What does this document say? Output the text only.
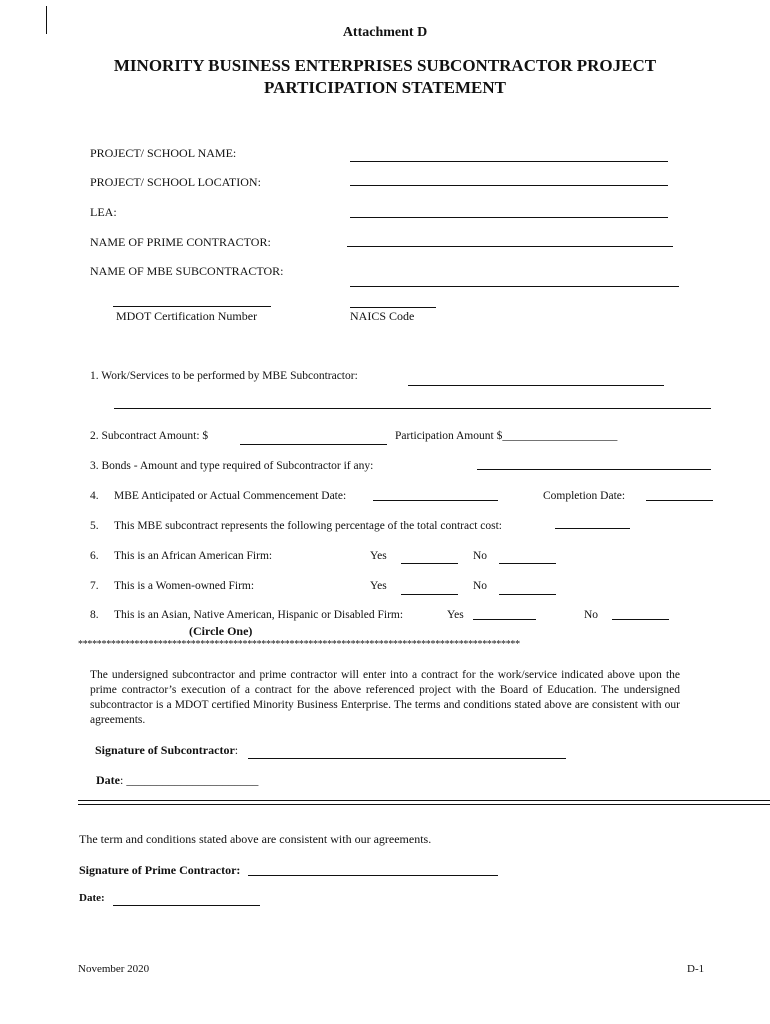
Attachment D
MINORITY BUSINESS ENTERPRISES SUBCONTRACTOR PROJECT
PARTICIPATION STATEMENT
PROJECT/ SCHOOL NAME:
PROJECT/ SCHOOL LOCATION:
LEA:
NAME OF PRIME CONTRACTOR:
NAME OF MBE SUBCONTRACTOR:
MDOT Certification Number	NAICS Code
1. Work/Services to be performed by MBE Subcontractor:
2. Subcontract Amount: $	Participation Amount $____________________
3. Bonds - Amount and type required of Subcontractor if any:
4. MBE Anticipated or Actual Commencement Date:	Completion Date:
5. This MBE subcontract represents the following percentage of the total contract cost:
6. This is an African American Firm:	Yes	No
7. This is a Women-owned Firm:	Yes	No
8. This is an Asian, Native American, Hispanic or Disabled Firm:	Yes	No
(Circle One)
**********************************************************************************************
The undersigned subcontractor and prime contractor will enter into a contract for the work/service indicated above upon the prime contractor’s execution of a contract for the above referenced project with the Board of Education. The undersigned subcontractor is a MDOT certified Minority Business Enterprise. The terms and conditions stated above are consistent with our agreements.
Signature of Subcontractor:
Date: ______________________
The term and conditions stated above are consistent with our agreements.
Signature of Prime Contractor:
Date:
November 2020	D-1
